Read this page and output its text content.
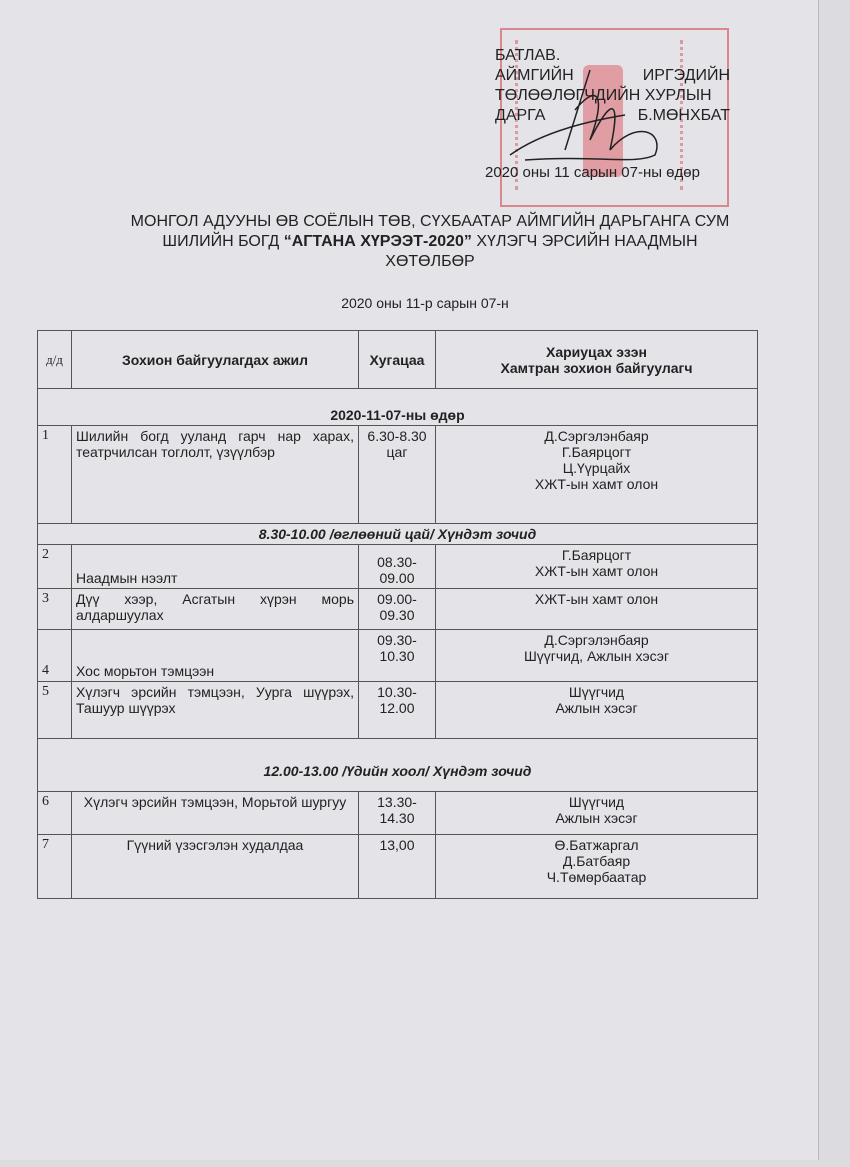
БАТЛАВ.
АЙМГИЙН	ИРГЭДИЙН
ТӨЛӨӨЛӨГЧДИЙН ХУРЛЫН
ДАРГА	Б.МӨНХБАТ
2020 оны 11 сарын 07-ны өдөр
МОНГОЛ АДУУНЫ ӨВ СОЁЛЫН ТӨВ, СҮХБААТАР АЙМГИЙН ДАРЬГАНГА СУМ
ШИЛИЙН БОГД “АГТАНА ХҮРЭЭТ-2020” ХҮЛЭГЧ ЭРСИЙН НААДМЫН
ХӨТӨЛБӨР
2020 оны 11-р сарын 07-н
д/д	Зохион байгуулагдах ажил	Хугацаа	Хариуцах эзэн
Хамтран зохион байгуулагч

2020-11-07-ны өдөр			
1	Шилийн богд ууланд гарч нар харах, театрчилсан тоглолт, үзүүлбэр	6.30-8.30 цаг	Д.Сэргэлэнбаяр
Г.Баярцогт
Ц.Үүрцайх
ХЖТ-ын хамт олон

8.30-10.00 /өглөөний цай/ Хүндэт зочид			
2	Наадмын нээлт	08.30-09.00	Г.Баярцогт
ХЖТ-ын хамт олон

3	Дүү хээр, Асгатын хүрэн морь алдаршуулах	09.00-09.30	ХЖТ-ын хамт олон

4	Хос морьтон тэмцээн	09.30-10.30	Д.Сэргэлэнбаяр
Шүүгчид, Ажлын хэсэг

5	Хүлэгч эрсийн тэмцээн, Уурга шүүрэх, Ташуур шүүрэх	10.30-12.00	Шүүгчид
Ажлын хэсэг

12.00-13.00 /Үдийн хоол/ Хүндэт зочид			
6	Хүлэгч эрсийн тэмцээн, Морьтой шургуу	13.30-14.30	Шүүгчид
Ажлын хэсэг

7	Гүүний үзэсгэлэн худалдаа	13,00	Ө.Батжаргал
Д.Батбаяр
Ч.Төмөрбаатар
